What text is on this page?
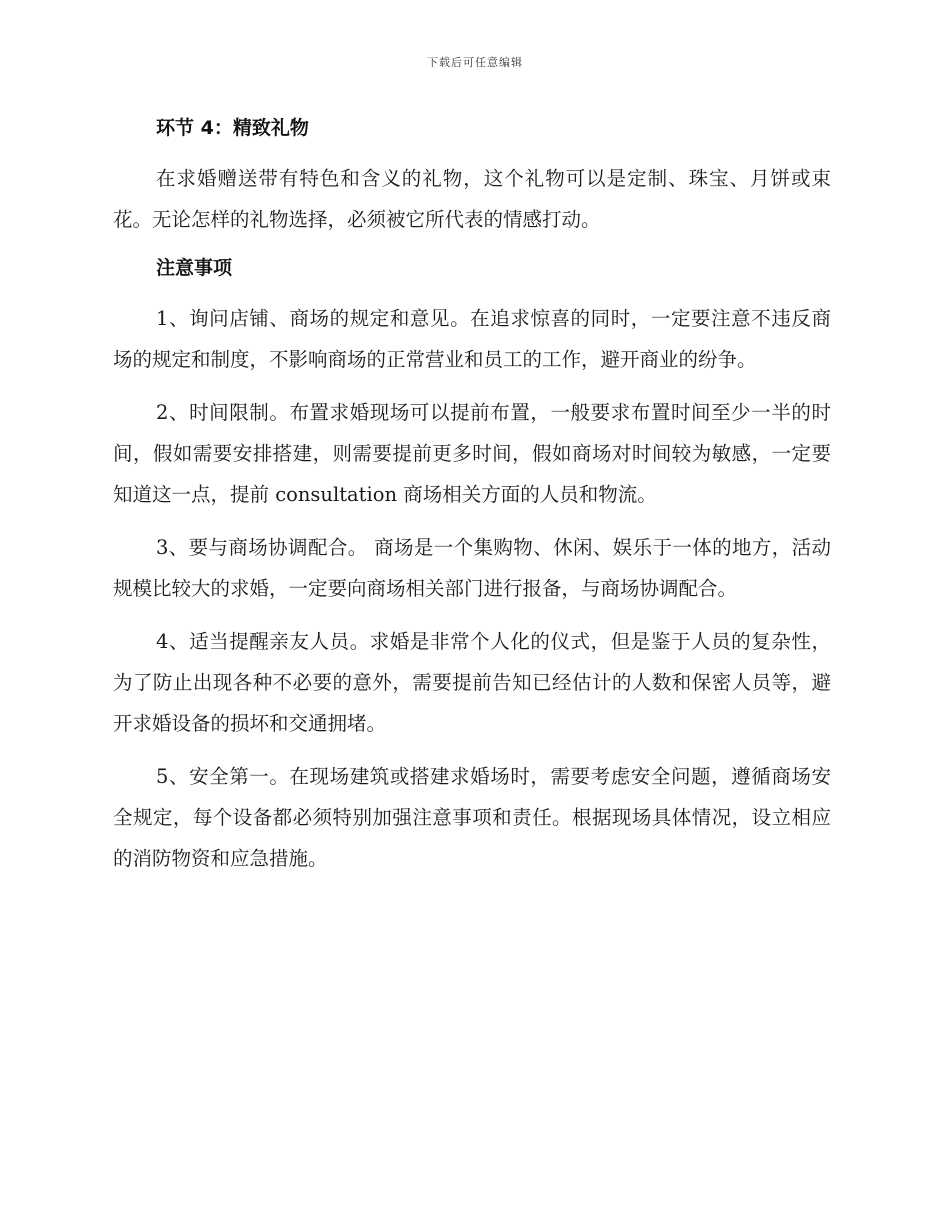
下载后可任意编辑

环节 4：精致礼物

在求婚赠送带有特色和含义的礼物，这个礼物可以是定制、珠宝、月饼或束花。无论怎样的礼物选择，必须被它所代表的情感打动。

注意事项

1、询问店铺、商场的规定和意见。在追求惊喜的同时，一定要注意不违反商场的规定和制度，不影响商场的正常营业和员工的工作，避开商业的纷争。

2、时间限制。布置求婚现场可以提前布置，一般要求布置时间至少一半的时间，假如需要安排搭建，则需要提前更多时间，假如商场对时间较为敏感，一定要知道这一点，提前 consultation 商场相关方面的人员和物流。

3、要与商场协调配合。 商场是一个集购物、休闲、娱乐于一体的地方，活动规模比较大的求婚，一定要向商场相关部门进行报备，与商场协调配合。

4、适当提醒亲友人员。求婚是非常个人化的仪式，但是鉴于人员的复杂性，为了防止出现各种不必要的意外，需要提前告知已经估计的人数和保密人员等，避开求婚设备的损坏和交通拥堵。

5、安全第一。在现场建筑或搭建求婚场时，需要考虑安全问题，遵循商场安全规定，每个设备都必须特别加强注意事项和责任。根据现场具体情况，设立相应的消防物资和应急措施。
